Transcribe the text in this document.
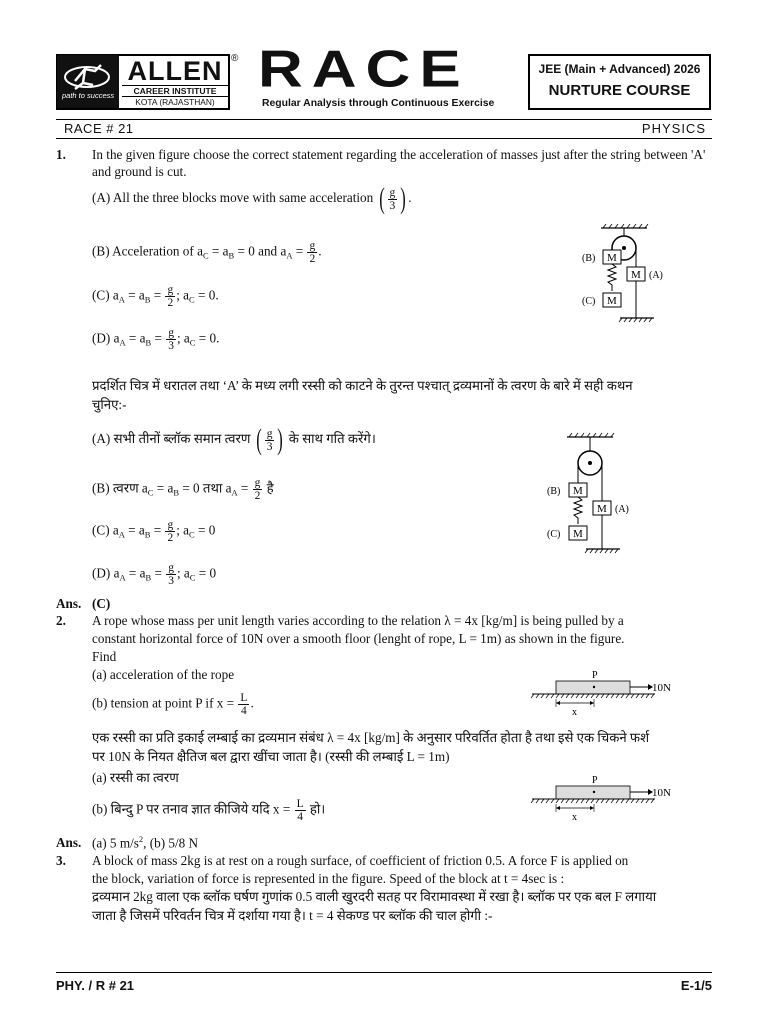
path to success
ALLEN
CAREER INSTITUTE
KOTA (RAJASTHAN)
® RACE
Regular Analysis through Continuous Exercise
JEE (Main + Advanced) 2026
NURTURE COURSE
RACE # 21	PHYSICS
1. In the given figure choose the correct statement regarding the acceleration of masses just after the string between 'A' and ground is cut.
(A) All the three blocks move with same acceleration ( $\frac{g}{3}$ ) .
(B) Acceleration of $a_C = a_B = 0$ and $a_A = \frac{g}{2}$ .
(C) $a_A = a_B = \frac{g}{2}$ ; $a_C = 0$.
(D) $a_A = a_B = \frac{g}{3}$ ; $a_C = 0$.
M
M
M
(B)
(C)
(A)
प्रदर्शित चित्र में धरातल तथा ‘A’ के मध्य लगी रस्सी को काटने के तुरन्त पश्चात् द्रव्यमानों के त्वरण के बारे में सही कथन
चुनिए:-
(A) सभी तीनों ब्लॉक समान त्वरण ( $\frac{g}{3}$ ) के साथ गति करेंगे।
(B) त्वरण $a_C = a_B = 0$ तथा $a_A = \frac{g}{2}$ है
(C) $a_A = a_B = \frac{g}{2}$ ; $a_C = 0$
(D) $a_A = a_B = \frac{g}{3}$ ; $a_C = 0$
M
M
M
(B)
(C)
(A)
Ans. (C)
2. A rope whose mass per unit length varies according to the relation λ = 4x [kg/m] is being pulled by a
constant horizontal force of 10N over a smooth floor (lenght of rope, L = 1m) as shown in the figure.
Find
(a) acceleration of the rope
(b) tension at point P if $x = \frac{L}{4}$ .
P
10N
x
एक रस्सी का प्रति इकाई लम्बाई का द्रव्यमान संबंध λ = 4x [kg/m] के अनुसार परिवर्तित होता है तथा इसे एक चिकने फर्श
पर 10N के नियत क्षैतिज बल द्वारा खींचा जाता है। (रस्सी की लम्बाई L = 1m)
(a) रस्सी का त्वरण
(b) बिन्दु P पर तनाव ज्ञात कीजिये यदि $x = \frac{L}{4}$ हो।
P
10N
x
Ans. (a) 5 $m/s^2$, (b) 5/8 N
3. A block of mass 2kg is at rest on a rough surface, of coefficient of friction 0.5. A force F is applied on
the block, variation of force is represented in the figure. Speed of the block at t = 4sec is :
द्रव्यमान 2kg वाला एक ब्लॉक घर्षण गुणांक 0.5 वाली खुरदरी सतह पर विरामावस्था में रखा है। ब्लॉक पर एक बल F लगाया
जाता है जिसमें परिवर्तन चित्र में दर्शाया गया है। t = 4 सेकण्ड पर ब्लॉक की चाल होगी :-
PHY. / R # 21	E-1/5
